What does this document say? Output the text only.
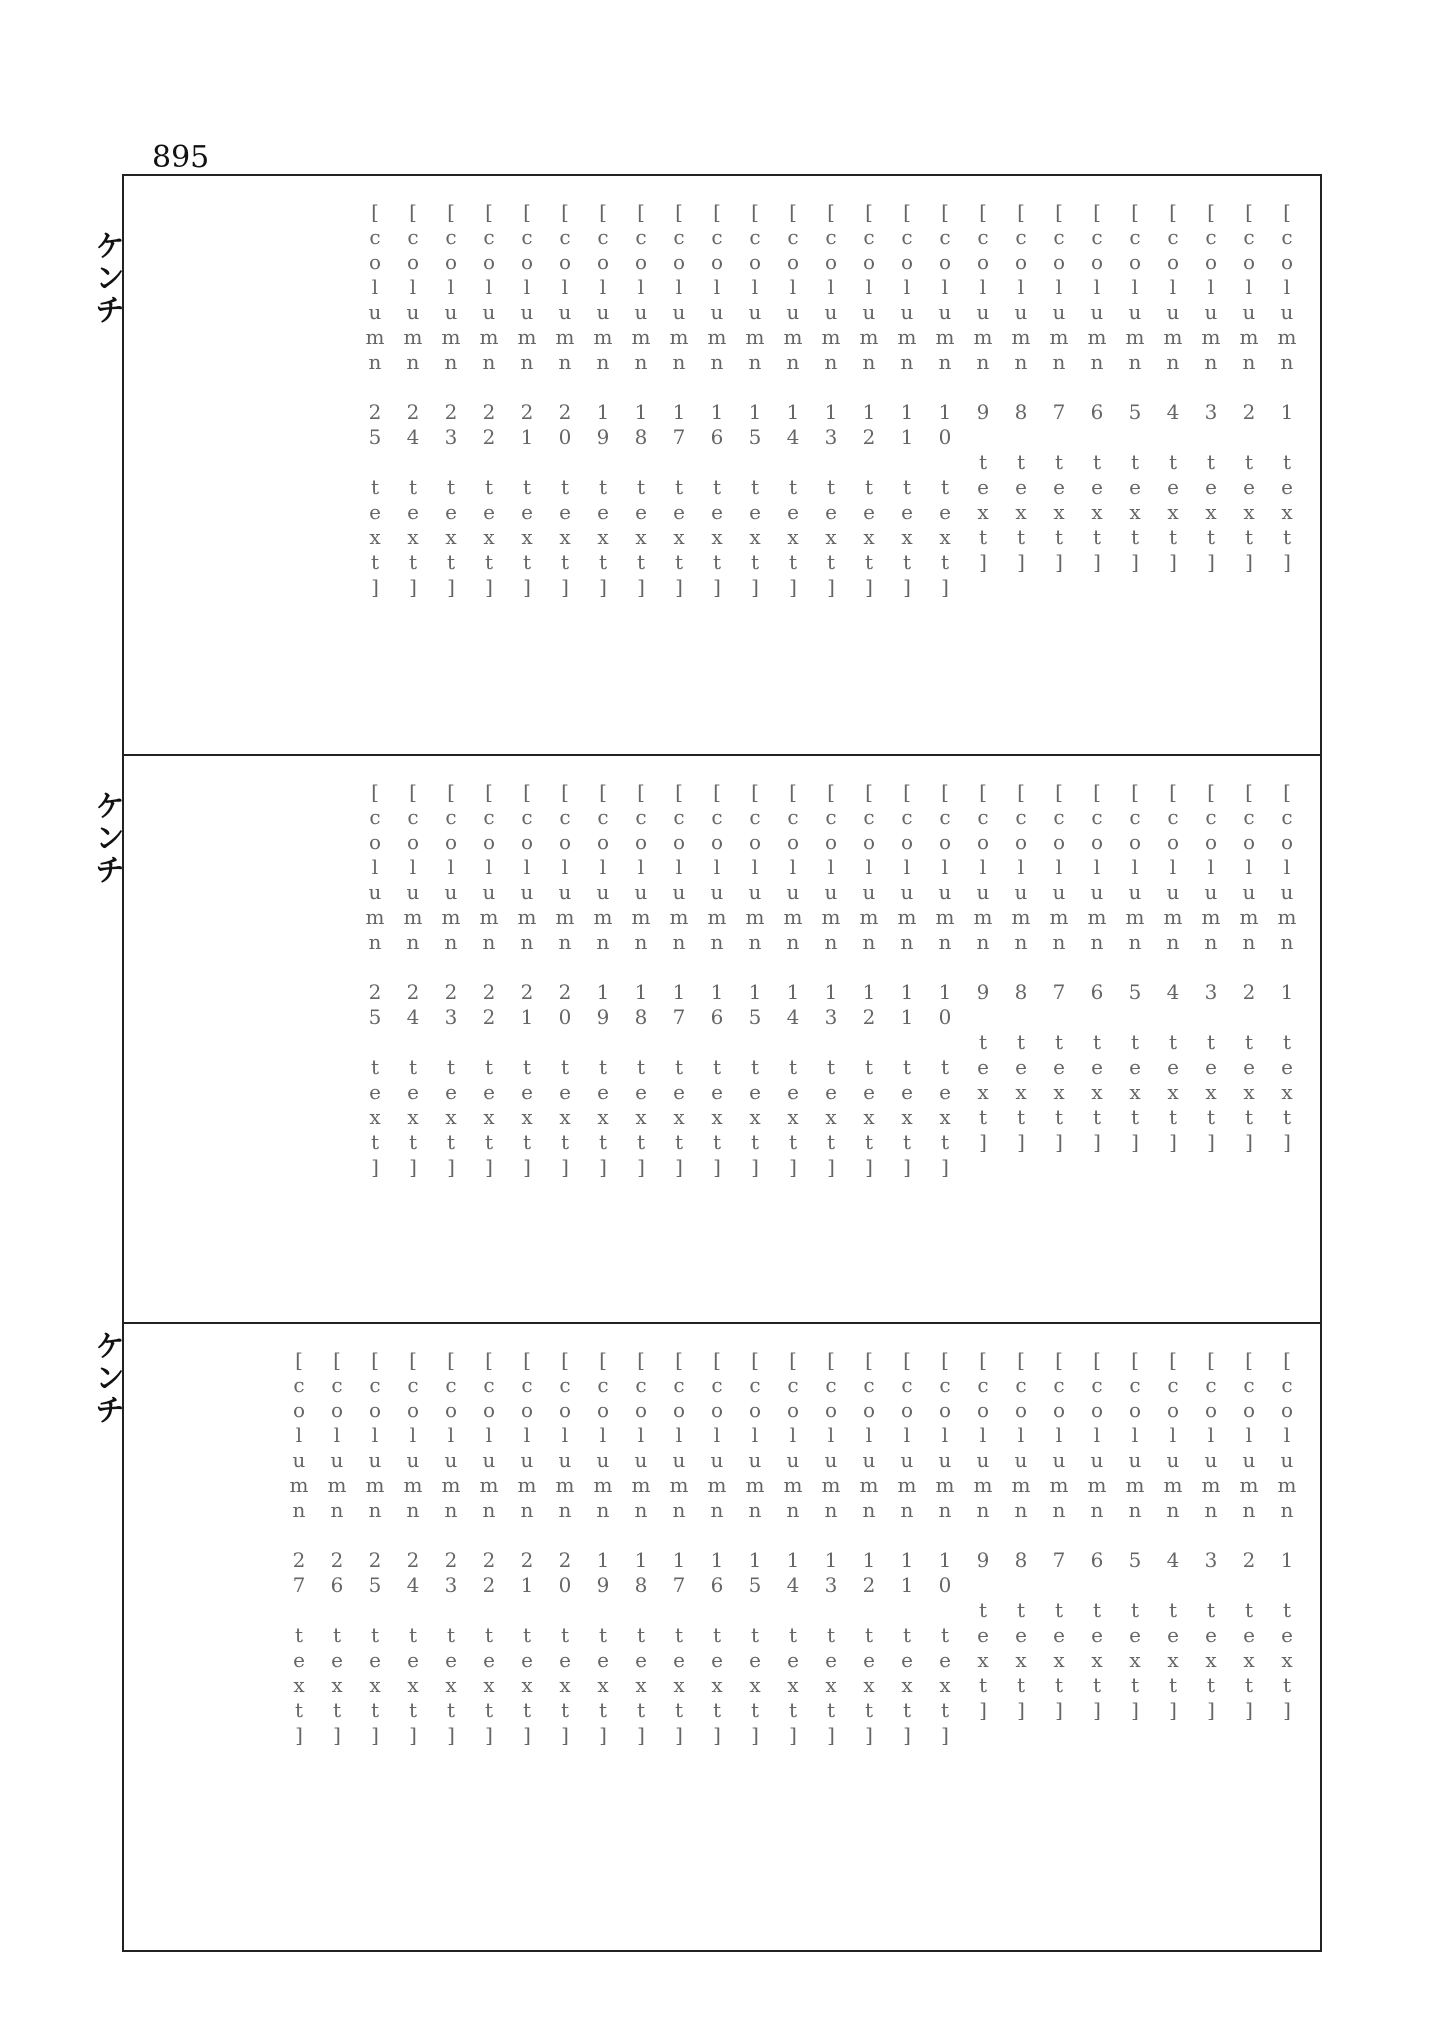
895
ケンチ
ケンチ
ケンチ
[column 1 text]
[column 2 text]
[column 3 text]
[column 4 text]
[column 5 text]
[column 6 text]
[column 7 text]
[column 8 text]
[column 9 text]
[column 10 text]
[column 11 text]
[column 12 text]
[column 13 text]
[column 14 text]
[column 15 text]
[column 16 text]
[column 17 text]
[column 18 text]
[column 19 text]
[column 20 text]
[column 21 text]
[column 22 text]
[column 23 text]
[column 24 text]
[column 25 text]
[column 1 text]
[column 2 text]
[column 3 text]
[column 4 text]
[column 5 text]
[column 6 text]
[column 7 text]
[column 8 text]
[column 9 text]
[column 10 text]
[column 11 text]
[column 12 text]
[column 13 text]
[column 14 text]
[column 15 text]
[column 16 text]
[column 17 text]
[column 18 text]
[column 19 text]
[column 20 text]
[column 21 text]
[column 22 text]
[column 23 text]
[column 24 text]
[column 25 text]
[column 1 text]
[column 2 text]
[column 3 text]
[column 4 text]
[column 5 text]
[column 6 text]
[column 7 text]
[column 8 text]
[column 9 text]
[column 10 text]
[column 11 text]
[column 12 text]
[column 13 text]
[column 14 text]
[column 15 text]
[column 16 text]
[column 17 text]
[column 18 text]
[column 19 text]
[column 20 text]
[column 21 text]
[column 22 text]
[column 23 text]
[column 24 text]
[column 25 text]
[column 26 text]
[column 27 text]
